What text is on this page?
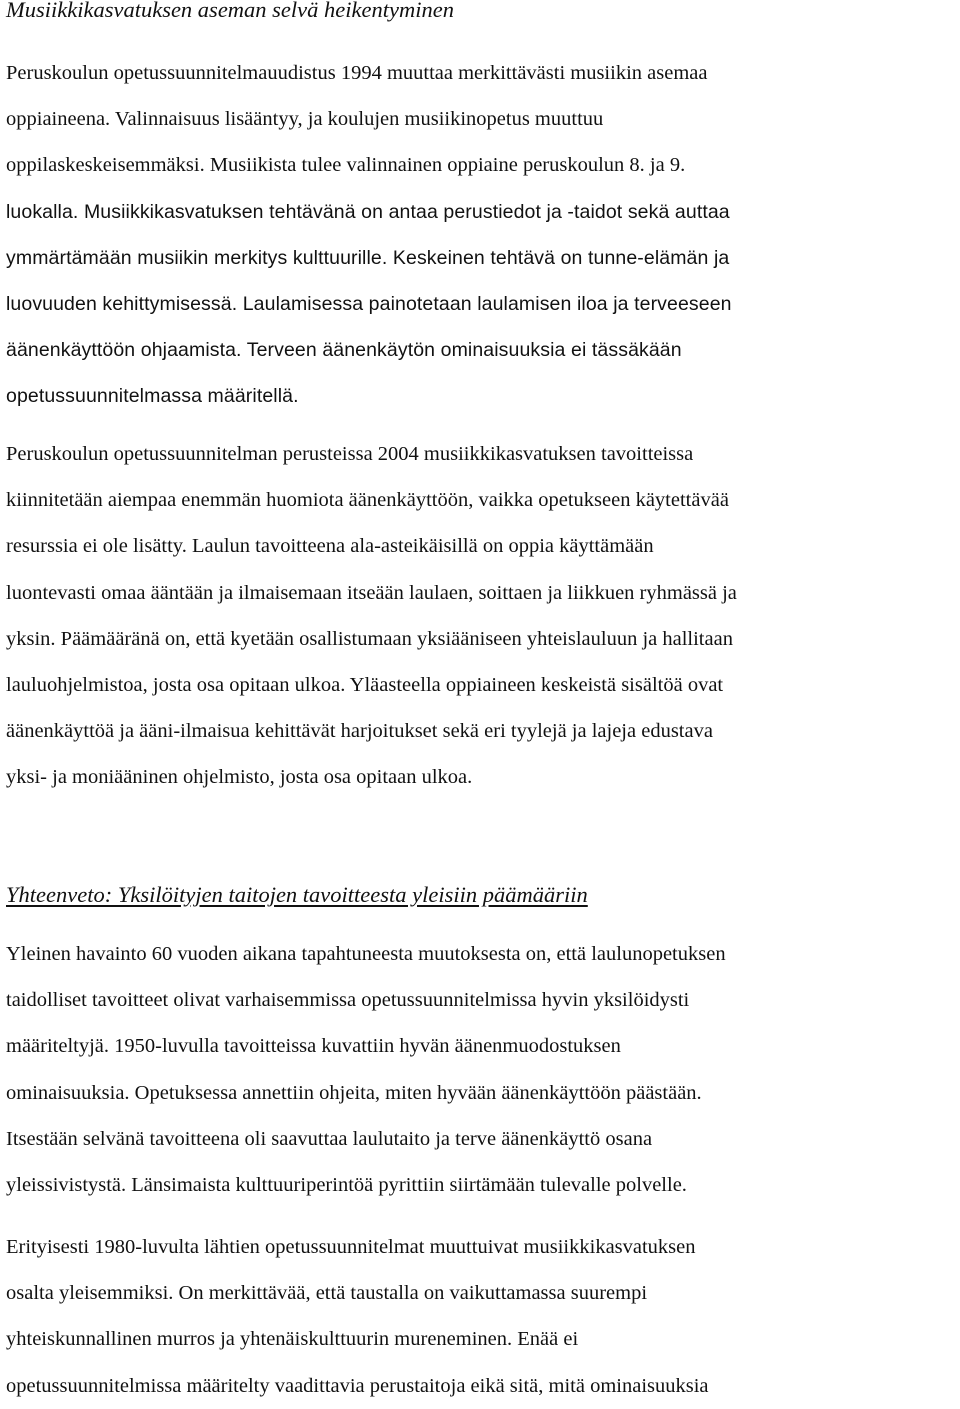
Musiikkikasvatuksen aseman selvä heikentyminen

Peruskoulun opetussuunnitelmauudistus 1994 muuttaa merkittävästi musiikin asemaa
oppiaineena. Valinnaisuus lisääntyy, ja koulujen musiikinopetus muuttuu
oppilaskeskeisemmäksi. Musiikista tulee valinnainen oppiaine peruskoulun 8. ja 9.
luokalla. Musiikkikasvatuksen tehtävänä on antaa perustiedot ja -taidot sekä auttaa
ymmärtämään musiikin merkitys kulttuurille. Keskeinen tehtävä on tunne-elämän ja
luovuuden kehittymisessä. Laulamisessa painotetaan laulamisen iloa ja terveeseen
äänenkäyttöön ohjaamista. Terveen äänenkäytön ominaisuuksia ei tässäkään
opetussuunnitelmassa määritellä.

Peruskoulun opetussuunnitelman perusteissa 2004 musiikkikasvatuksen tavoitteissa
kiinnitetään aiempaa enemmän huomiota äänenkäyttöön, vaikka opetukseen käytettävää
resurssia ei ole lisätty. Laulun tavoitteena ala-asteikäisillä on oppia käyttämään
luontevasti omaa ääntään ja ilmaisemaan itseään laulaen, soittaen ja liikkuen ryhmässä ja
yksin. Päämääränä on, että kyetään osallistumaan yksiääniseen yhteislauluun ja hallitaan
lauluohjelmistoa, josta osa opitaan ulkoa. Yläasteella oppiaineen keskeistä sisältöä ovat
äänenkäyttöä ja ääni-ilmaisua kehittävät harjoitukset sekä eri tyylejä ja lajeja edustava
yksi- ja moniääninen ohjelmisto, josta osa opitaan ulkoa.

Yhteenveto: Yksilöityjen taitojen tavoitteesta yleisiin päämääriin

Yleinen havainto 60 vuoden aikana tapahtuneesta muutoksesta on, että laulunopetuksen
taidolliset tavoitteet olivat varhaisemmissa opetussuunnitelmissa hyvin yksilöidysti
määriteltyjä. 1950-luvulla tavoitteissa kuvattiin hyvän äänenmuodostuksen
ominaisuuksia. Opetuksessa annettiin ohjeita, miten hyvään äänenkäyttöön päästään.
Itsestään selvänä tavoitteena oli saavuttaa laulutaito ja terve äänenkäyttö osana
yleissivistystä. Länsimaista kulttuuriperintöä pyrittiin siirtämään tulevalle polvelle.

Erityisesti 1980-luvulta lähtien opetussuunnitelmat muuttuivat musiikkikasvatuksen
osalta yleisemmiksi. On merkittävää, että taustalla on vaikuttamassa suurempi
yhteiskunnallinen murros ja yhtenäiskulttuurin mureneminen. Enää ei
opetussuunnitelmissa määritelty vaadittavia perustaitoja eikä sitä, mitä ominaisuuksia
